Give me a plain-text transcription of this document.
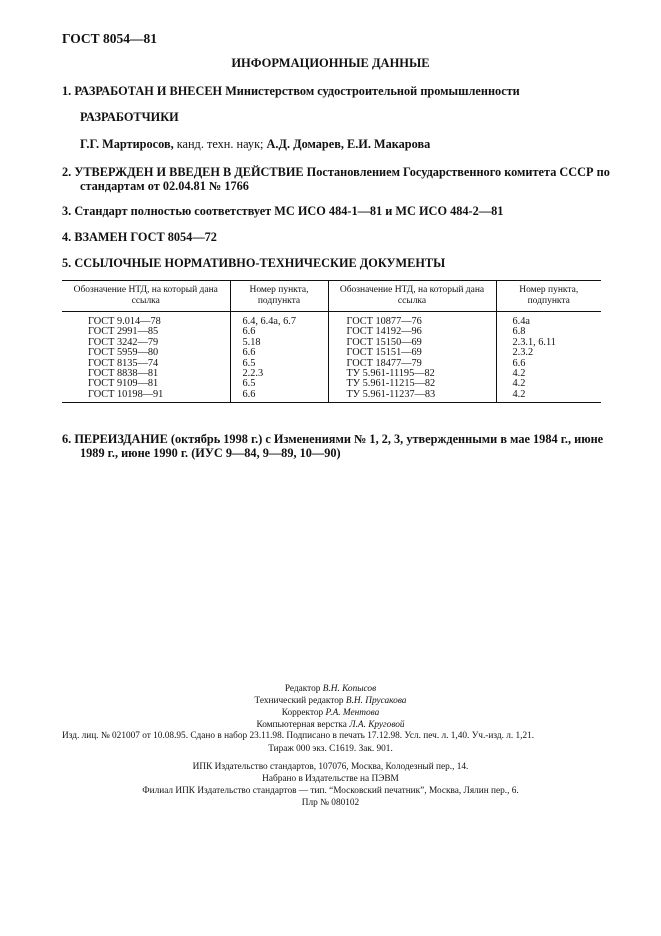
ГОСТ 8054—81
ИНФОРМАЦИОННЫЕ ДАННЫЕ
1. РАЗРАБОТАН И ВНЕСЕН Министерством судостроительной промышленности
РАЗРАБОТЧИКИ
Г.Г. Мартиросов, канд. техн. наук; А.Д. Домарев, Е.И. Макарова
2. УТВЕРЖДЕН И ВВЕДЕН В ДЕЙСТВИЕ Постановлением Государственного комитета СССР по
стандартам от 02.04.81 № 1766
3. Стандарт полностью соответствует МС ИСО 484-1—81 и МС ИСО 484-2—81
4. ВЗАМЕН ГОСТ 8054—72
5. ССЫЛОЧНЫЕ НОРМАТИВНО-ТЕХНИЧЕСКИЕ ДОКУМЕНТЫ
Обозначение НТД, на который дана ссылка	Номер пункта, подпункта	Обозначение НТД, на который дана ссылка	Номер пункта, подпункта
ГОСТ 9.014—78	6.4, 6.4а, 6.7	ГОСТ 10877—76	6.4а
ГОСТ 2991—85	6.6	ГОСТ 14192—96	6.8
ГОСТ 3242—79	5.18	ГОСТ 15150—69	2.3.1, 6.11
ГОСТ 5959—80	6.6	ГОСТ 15151—69	2.3.2
ГОСТ 8135—74	6.5	ГОСТ 18477—79	6.6
ГОСТ 8838—81	2.2.3	ТУ 5.961-11195—82	4.2
ГОСТ 9109—81	6.5	ТУ 5.961-11215—82	4.2
ГОСТ 10198—91	6.6	ТУ 5.961-11237—83	4.2
6. ПЕРЕИЗДАНИЕ (октябрь 1998 г.) с Изменениями № 1, 2, 3, утвержденными в мае 1984 г., июне
1989 г., июне 1990 г. (ИУС 9—84, 9—89, 10—90)
Редактор В.Н. Копысов
Технический редактор В.Н. Прусакова
Корректор Р.А. Ментова
Компьютерная верстка Л.А. Круговой
Изд. лиц. № 021007 от 10.08.95. Сдано в набор 23.11.98. Подписано в печать 17.12.98. Усл. печ. л. 1,40. Уч.-изд. л. 1,21.
Тираж 000 экз. С1619. Зак. 901.
ИПК Издательство стандартов, 107076, Москва, Колодезный пер., 14.
Набрано в Издательстве на ПЭВМ
Филиал ИПК Издательство стандартов — тип. “Московский печатник”, Москва, Лялин пер., 6.
Плр № 080102
